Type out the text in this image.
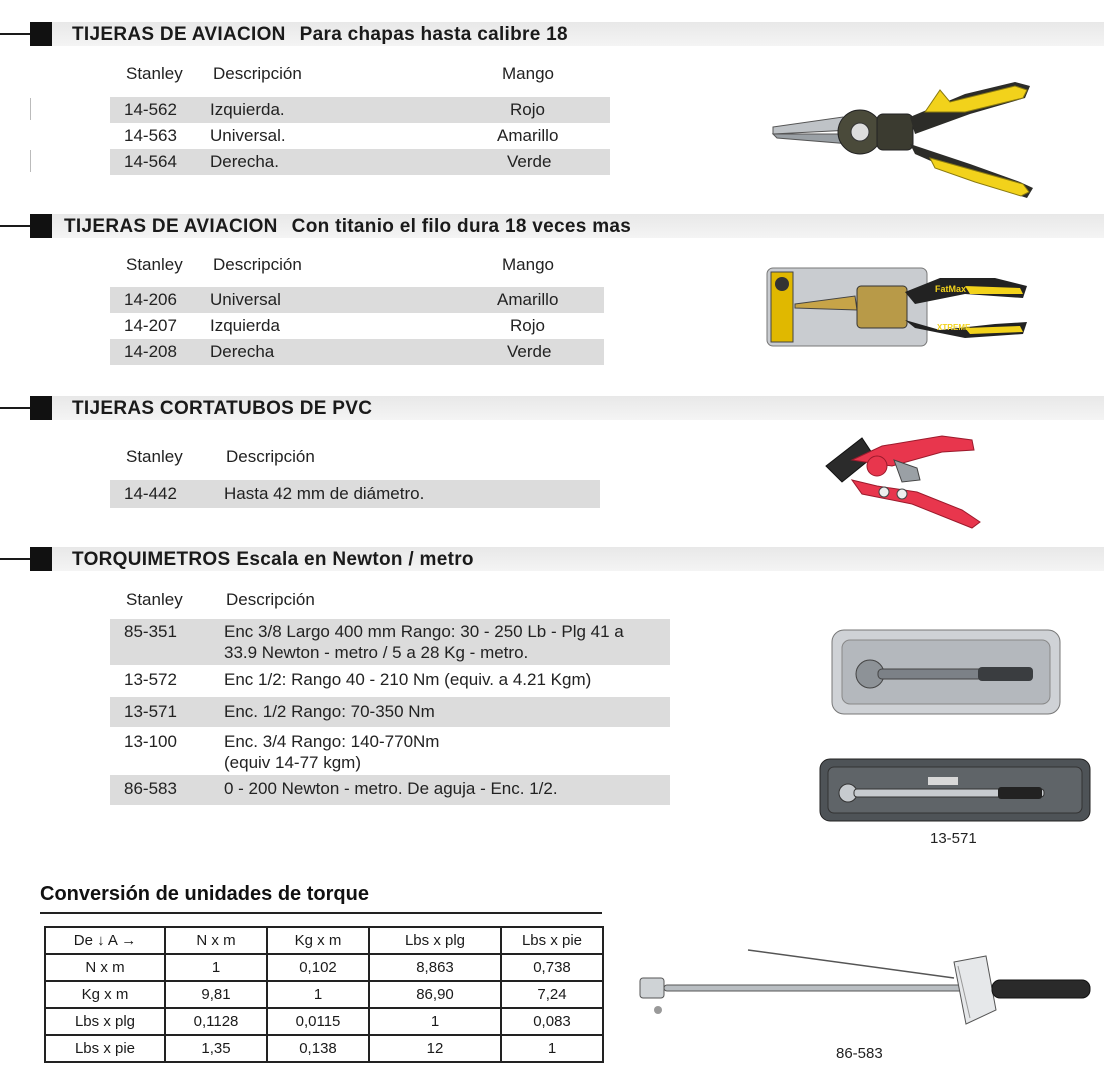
TIJERAS DE AVIACION Para chapas hasta calibre 18
Stanley Descripción	Mango
14-562 Izquierda.	Rojo
14-563 Universal.	Amarillo
14-564 Derecha.	Verde
TIJERAS DE AVIACION Con titanio el filo dura 18 veces mas
Stanley Descripción	Mango
14-206 Universal	Amarillo
14-207 Izquierda	Rojo
14-208 Derecha	Verde
FatMax
XTREME
TIJERAS CORTATUBOS DE PVC
Stanley	Descripción
14-442	Hasta 42 mm de diámetro.
TORQUIMETROS Escala en Newton / metro
Stanley	Descripción
85-351	Enc 3/8 Largo 400 mm Rango: 30 - 250 Lb - Plg 41 a
33.9 Newton - metro / 5 a 28 Kg - metro.
13-572	Enc 1/2: Rango 40 - 210 Nm (equiv. a 4.21 Kgm)
13-571	Enc. 1/2 Rango: 70-350 Nm
13-100	Enc. 3/4 Rango: 140-770Nm
(equiv 14-77 kgm)
86-583	0 - 200 Newton - metro. De aguja - Enc. 1/2.
13-571
Conversión de unidades de torque
De ↓ A →	N x m	Kg x m	Lbs x plg	Lbs x pie
N x m	1	0,102	8,863	0,738
Kg x m	9,81	1	86,90	7,24
Lbs x plg	0,1128	0,0115	1	0,083
Lbs x pie	1,35	0,138	12	1	86-583
